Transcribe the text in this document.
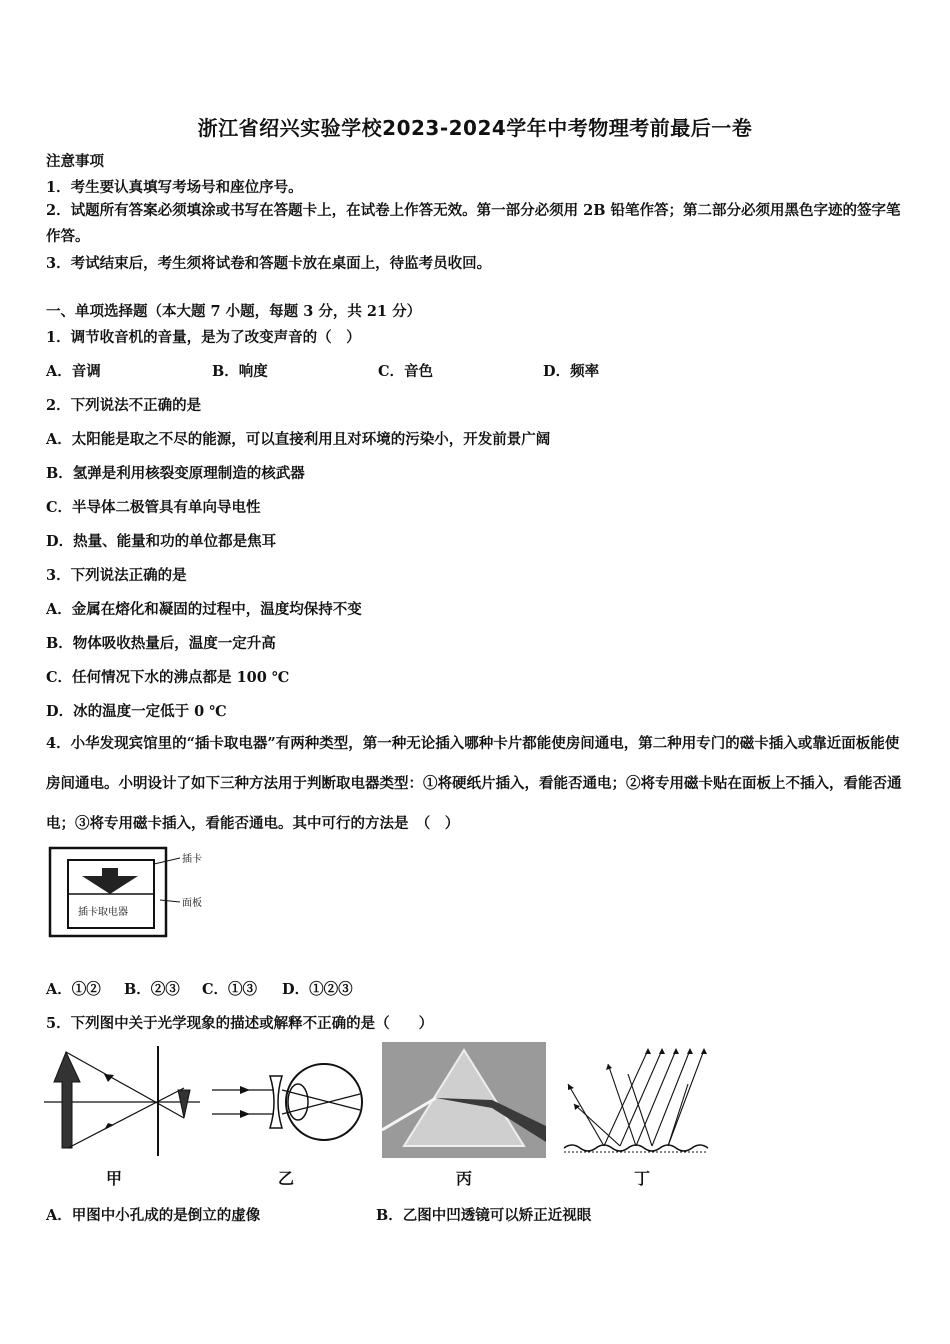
浙江省绍兴实验学校2023-2024学年中考物理考前最后一卷
注意事项
1．考生要认真填写考场号和座位序号。
2．试题所有答案必须填涂或书写在答题卡上，在试卷上作答无效。第一部分必须用 2B 铅笔作答；第二部分必须用黑色字迹的签字笔作答。
3．考试结束后，考生须将试卷和答题卡放在桌面上，待监考员收回。
一、单项选择题（本大题 7 小题，每题 3 分，共 21 分）
1．调节收音机的音量，是为了改变声音的（　）
A．音调	B．响度	C．音色	D．频率
2．下列说法不正确的是
A．太阳能是取之不尽的能源，可以直接利用且对环境的污染小，开发前景广阔
B．氢弹是利用核裂变原理制造的核武器
C．半导体二极管具有单向导电性
D．热量、能量和功的单位都是焦耳
3．下列说法正确的是
A．金属在熔化和凝固的过程中，温度均保持不变
B．物体吸收热量后，温度一定升高
C．任何情况下水的沸点都是 100 ℃
D．冰的温度一定低于 0 ℃
4．小华发现宾馆里的“插卡取电器”有两种类型，第一种无论插入哪种卡片都能使房间通电，第二种用专门的磁卡插入或靠近面板能使房间通电。小明设计了如下三种方法用于判断取电器类型：①将硬纸片插入，看能否通电；②将专用磁卡贴在面板上不插入，看能否通电；③将专用磁卡插入，看能否通电。其中可行的方法是　（　）
插卡取电器
插卡
面板
A．①② B．②③ C．①③ D．①②③
5．下列图中关于光学现象的描述或解释不正确的是（　　）
甲	乙	丙	丁
A．甲图中小孔成的是倒立的虚像	B．乙图中凹透镜可以矫正近视眼
